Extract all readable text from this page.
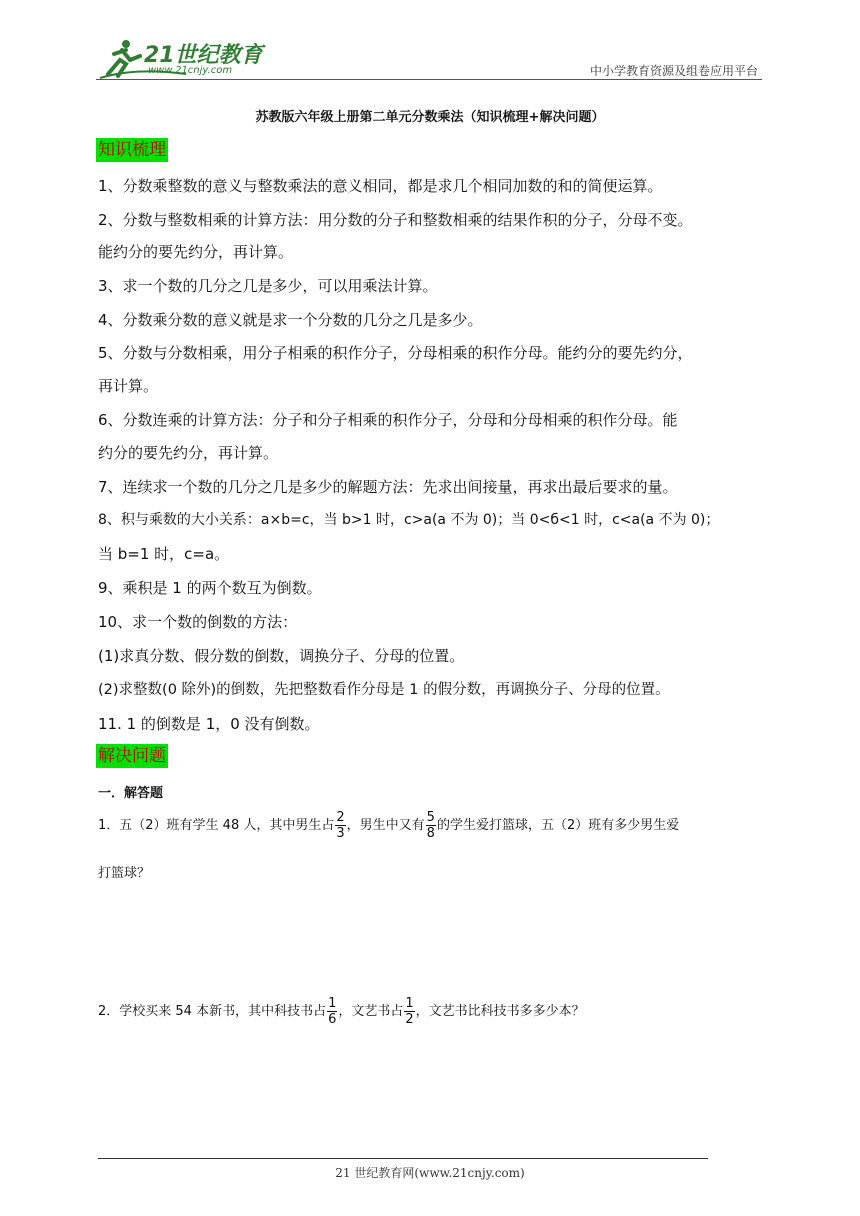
21世纪教育
www.21cnjy.com	中小学教育资源及组卷应用平台
苏教版六年级上册第二单元分数乘法（知识梳理+解决问题）
知识梳理
1、分数乘整数的意义与整数乘法的意义相同，都是求几个相同加数的和的简便运算。
2、分数与整数相乘的计算方法：用分数的分子和整数相乘的结果作积的分子，分母不变。
能约分的要先约分，再计算。
3、求一个数的几分之几是多少，可以用乘法计算。
4、分数乘分数的意义就是求一个分数的几分之几是多少。
5、分数与分数相乘，用分子相乘的积作分子，分母相乘的积作分母。能约分的要先约分，
再计算。
6、分数连乘的计算方法：分子和分子相乘的积作分子，分母和分母相乘的积作分母。能
约分的要先约分，再计算。
7、连续求一个数的几分之几是多少的解题方法：先求出间接量，再求出最后要求的量。
8、积与乘数的大小关系：a×b=c，当 b>1 时，c>a(a 不为 0)；当 0<б<1 时，c<a(a 不为 0)；
当 b=1 时，c=a。
9、乘积是 1 的两个数互为倒数。
10、求一个数的倒数的方法：
(1)求真分数、假分数的倒数，调换分子、分母的位置。
(2)求整数(0 除外)的倒数，先把整数看作分母是 1 的假分数，再调换分子、分母的位置。
11. 1 的倒数是 1，0 没有倒数。
解决问题
一．解答题
1．五（2）班有学生 48 人，其中男生占 $\frac{2}{3}$ ，男生中又有 $\frac{5}{8}$ 的学生爱打篮球，五（2）班有多少男生爱
打篮球？
2．学校买来 54 本新书，其中科技书占 $\frac{1}{6}$ ，文艺书占 $\frac{1}{2}$ ，文艺书比科技书多多少本？
21 世纪教育网(www.21cnjy.com)
